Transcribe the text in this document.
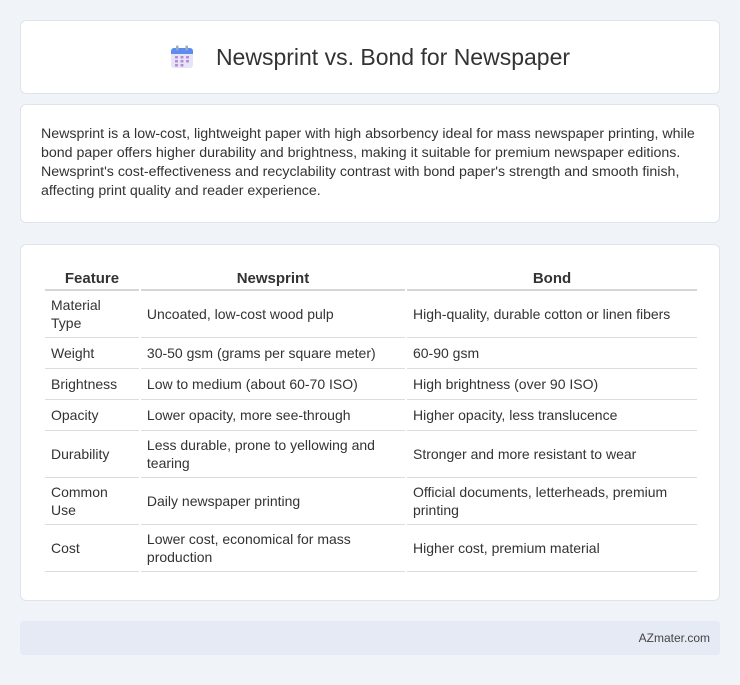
Newsprint vs. Bond for Newspaper

Newsprint is a low-cost, lightweight paper with high absorbency ideal for mass newspaper printing, while bond paper offers higher durability and brightness, making it suitable for premium newspaper editions. Newsprint's cost-effectiveness and recyclability contrast with bond paper's strength and smooth finish, affecting print quality and reader experience.

Feature	Newsprint	Bond
Material Type	Uncoated, low-cost wood pulp	High-quality, durable cotton or linen fibers
Weight	30-50 gsm (grams per square meter)	60-90 gsm
Brightness	Low to medium (about 60-70 ISO)	High brightness (over 90 ISO)
Opacity	Lower opacity, more see-through	Higher opacity, less translucence
Durability	Less durable, prone to yellowing and tearing	Stronger and more resistant to wear
Common Use	Daily newspaper printing	Official documents, letterheads, premium printing
Cost	Lower cost, economical for mass production	Higher cost, premium material
AZmater.com
